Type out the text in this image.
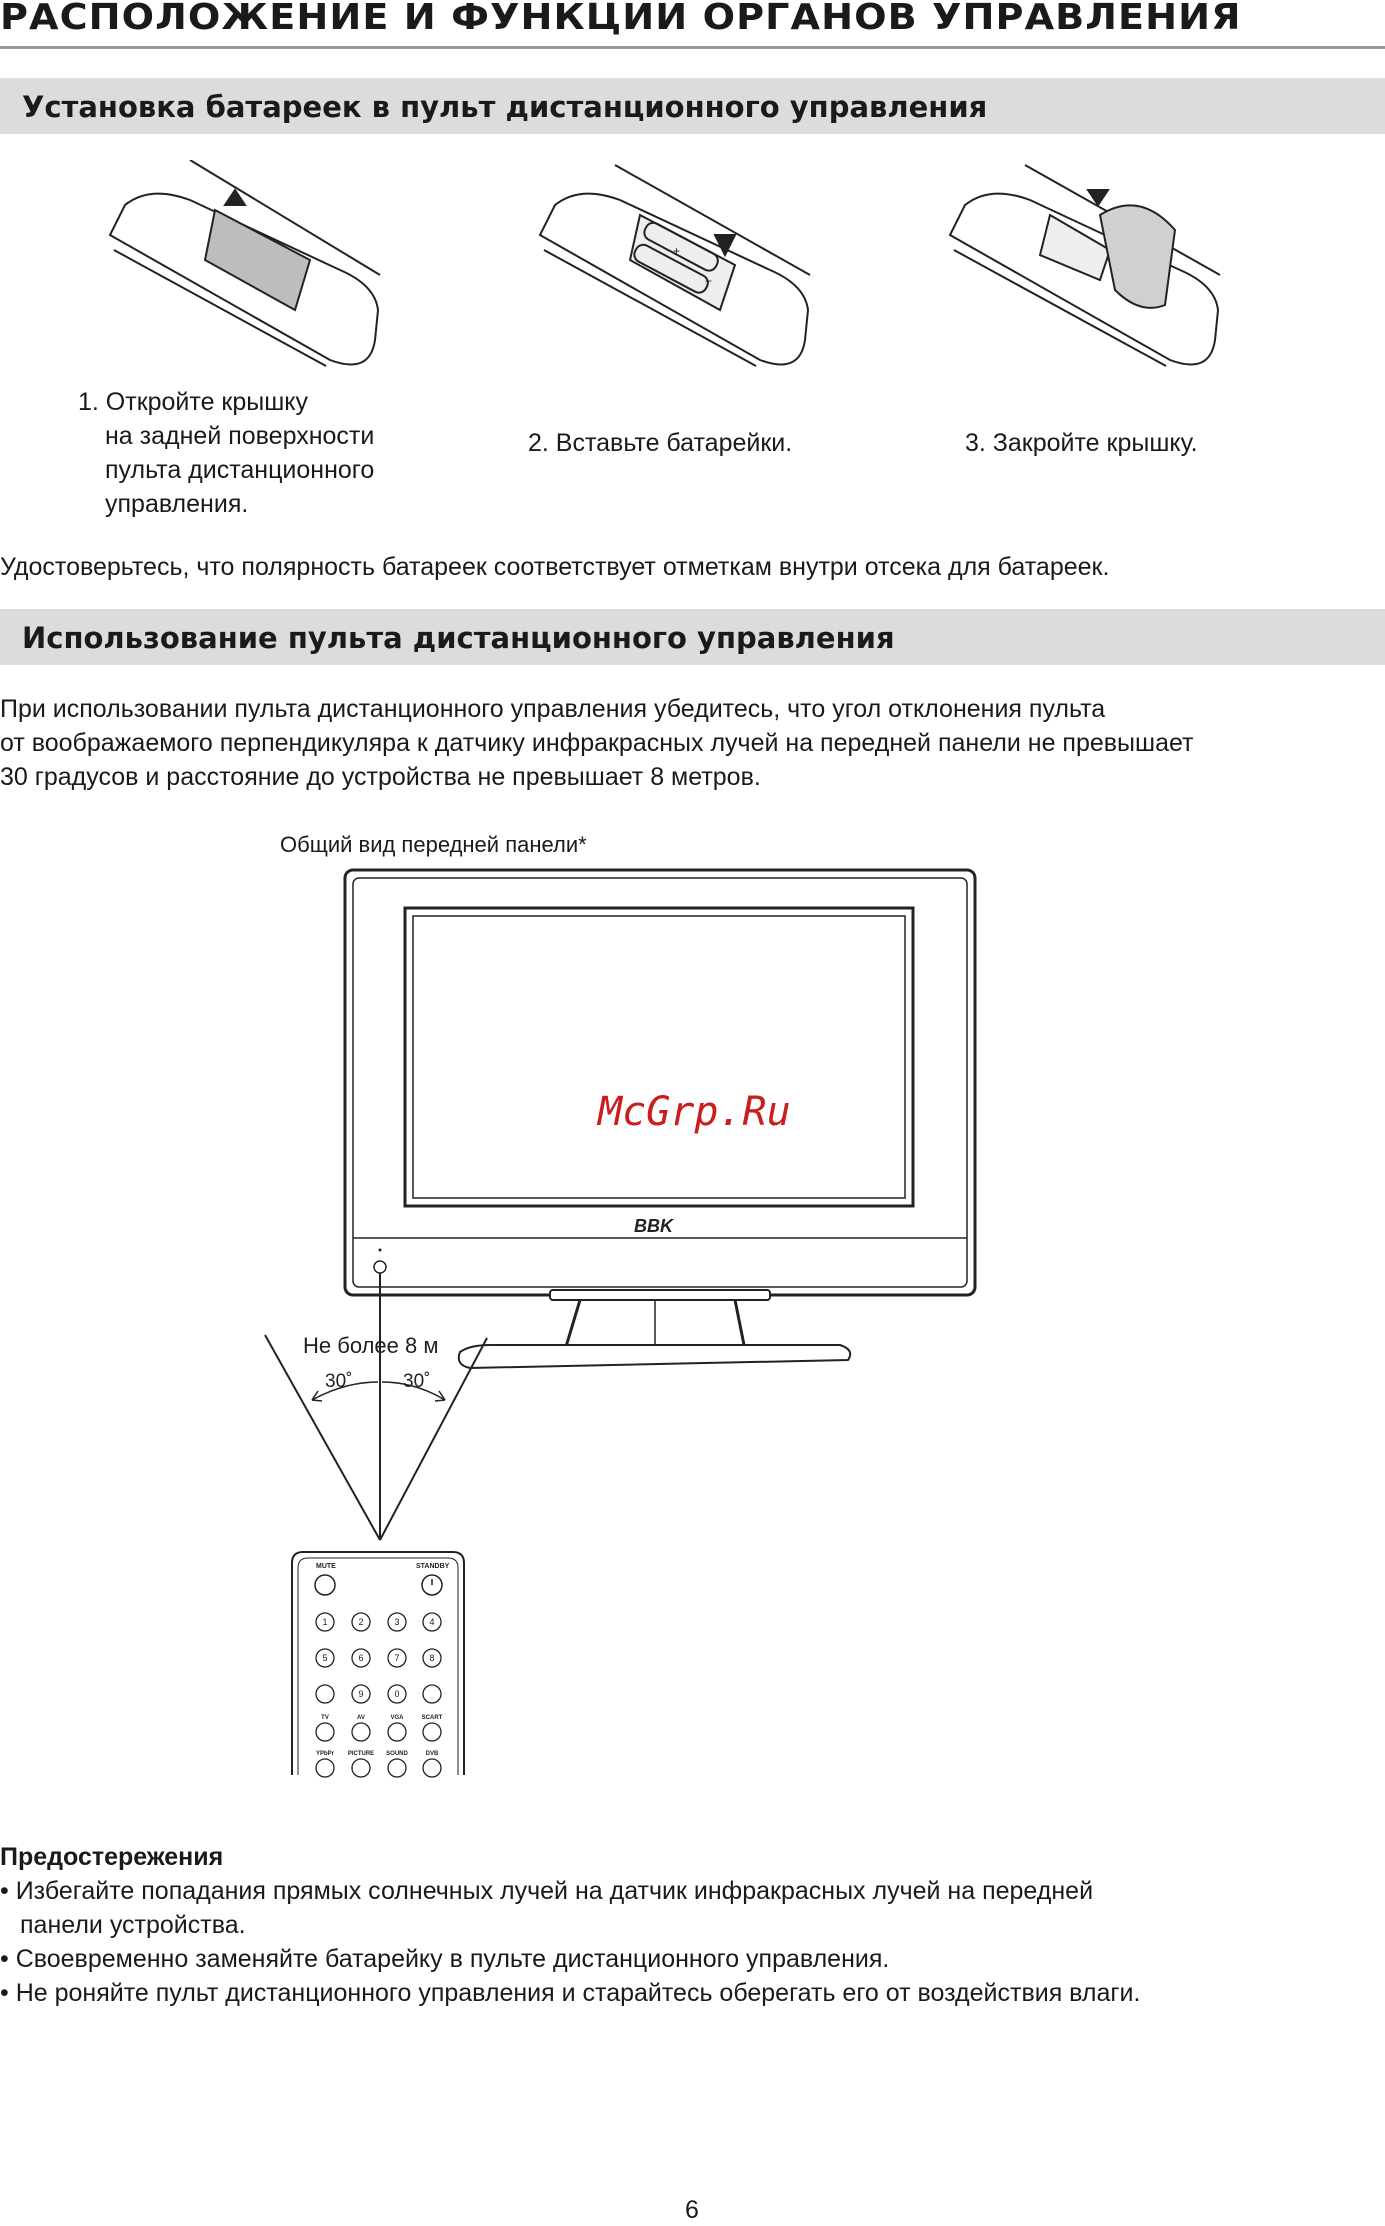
РАСПОЛОЖЕНИЕ И ФУНКЦИИ ОРГАНОВ УПРАВЛЕНИЯ
Установка батареек в пульт дистанционного управления
+
−
1. Откройте крышку
на задней поверхности
пульта дистанционного
управления.
2. Вставьте батарейки.	3. Закройте крышку.
Удостоверьтесь, что полярность батареек соответствует отметкам внутри отсека для батареек.
Использование пульта дистанционного управления
При использовании пульта дистанционного управления убедитесь, что угол отклонения пульта
от воображаемого перпендикуляра к датчику инфракрасных лучей на передней панели не превышает
30 градусов и расстояние до устройства не превышает 8 метров.
Общий вид передней панели*
BBK
McGrp.Ru
Не более 8 м
30˚	30˚
MUTE	STANDBY
1	2	3	4
5	6	7	8
9	0
TV	AV	VGA	SCART
YPbPr PICTURE SOUND	DVB
Предостережения
• Избегайте попадания прямых солнечных лучей на датчик инфракрасных лучей на передней
панели устройства.
• Своевременно заменяйте батарейку в пульте дистанционного управления.
• Не роняйте пульт дистанционного управления и старайтесь оберегать его от воздействия влаги.
6
